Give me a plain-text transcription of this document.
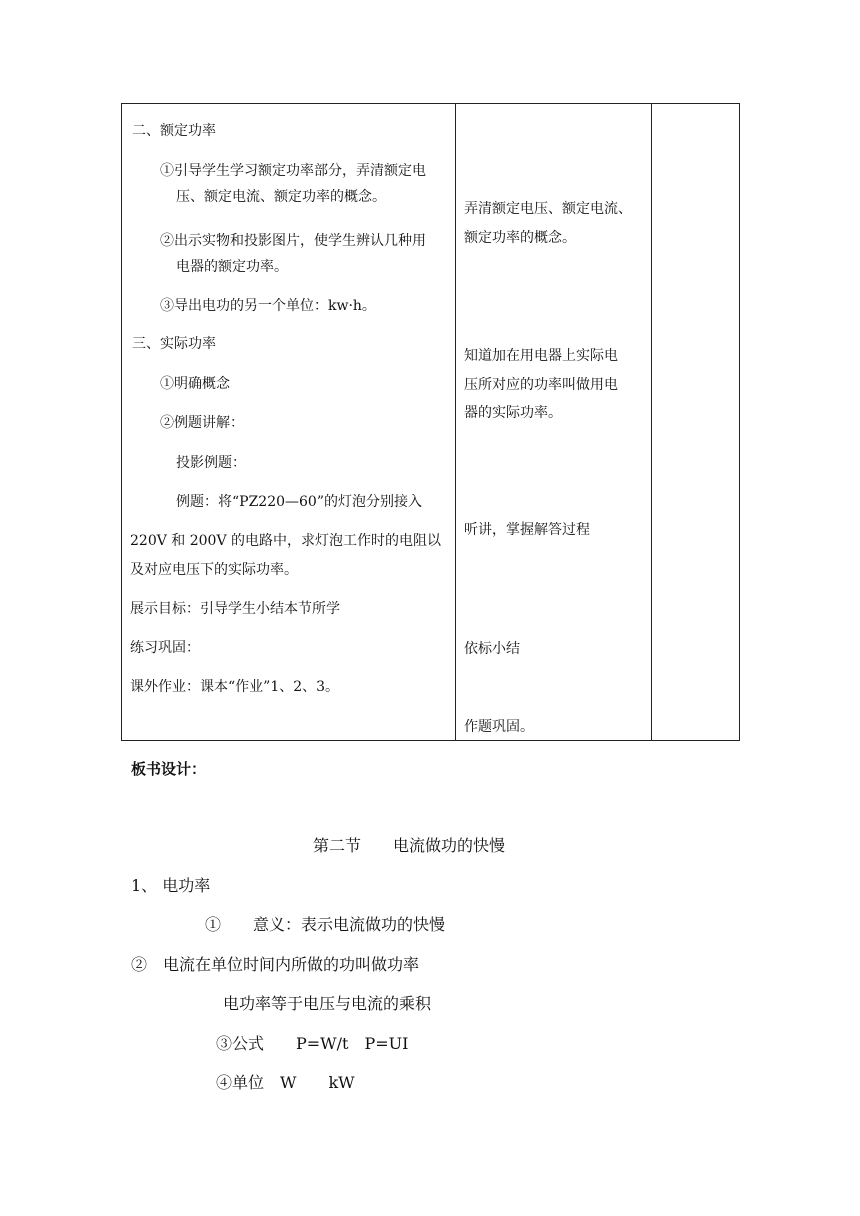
二、额定功率
①引导学生学习额定功率部分，弄清额定电
压、额定电流、额定功率的概念。
②出示实物和投影图片，使学生辨认几种用
电器的额定功率。
③导出电功的另一个单位：kw·h。
三、实际功率
①明确概念
②例题讲解：
投影例题：
例题：将“PZ220—60”的灯泡分别接入
220V 和 200V 的电路中，求灯泡工作时的电阻以
及对应电压下的实际功率。
展示目标：引导学生小结本节所学
练习巩固：
课外作业：课本“作业”1、2、3。

弄清额定电压、额定电流、
额定功率的概念。
知道加在用电器上实际电
压所对应的功率叫做用电
器的实际功率。
听讲，掌握解答过程
依标小结
作题巩固。

板书设计：
第二节　　电流做功的快慢
1、 电功率
①　　意义：表示电流做功的快慢
②　电流在单位时间内所做的功叫做功率
电功率等于电压与电流的乘积
③公式　　P=W/t　P=UI
④单位　W　　kW
